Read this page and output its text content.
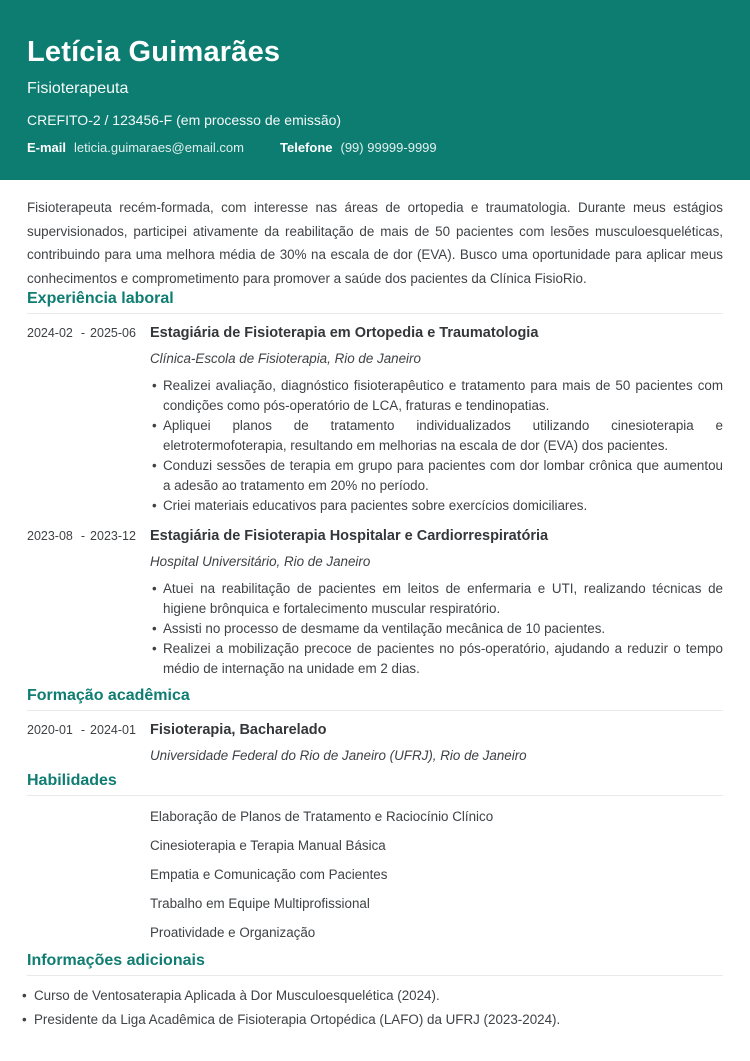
Letícia Guimarães
Fisioterapeuta
CREFITO-2 / 123456-F (em processo de emissão)
E-mail leticia.guimaraes@email.com	Telefone (99) 99999-9999

Fisioterapeuta recém-formada, com interesse nas áreas de ortopedia e traumatologia. Durante meus estágios supervisionados, participei ativamente da reabilitação de mais de 50 pacientes com lesões musculoesqueléticas, contribuindo para uma melhora média de 30% na escala de dor (EVA). Busco uma oportunidade para aplicar meus conhecimentos e comprometimento para promover a saúde dos pacientes da Clínica FisioRio.

Experiência laboral
2024-02 - 2025-06 Estagiária de Fisioterapia em Ortopedia e Traumatologia
Clínica-Escola de Fisioterapia, Rio de Janeiro
• Realizei avaliação, diagnóstico fisioterapêutico e tratamento para mais de 50 pacientes com condições como pós-operatório de LCA, fraturas e tendinopatias.
• Apliquei planos de tratamento individualizados utilizando cinesioterapia e eletrotermofoterapia, resultando em melhorias na escala de dor (EVA) dos pacientes.
• Conduzi sessões de terapia em grupo para pacientes com dor lombar crônica que aumentou a adesão ao tratamento em 20% no período.
• Criei materiais educativos para pacientes sobre exercícios domiciliares.
2023-08 - 2023-12 Estagiária de Fisioterapia Hospitalar e Cardiorrespiratória
Hospital Universitário, Rio de Janeiro
• Atuei na reabilitação de pacientes em leitos de enfermaria e UTI, realizando técnicas de higiene brônquica e fortalecimento muscular respiratório.
• Assisti no processo de desmame da ventilação mecânica de 10 pacientes.
• Realizei a mobilização precoce de pacientes no pós-operatório, ajudando a reduzir o tempo médio de internação na unidade em 2 dias.
Formação acadêmica
2020-01 - 2024-01 Fisioterapia, Bacharelado
Universidade Federal do Rio de Janeiro (UFRJ), Rio de Janeiro
Habilidades
Elaboração de Planos de Tratamento e Raciocínio Clínico
Cinesioterapia e Terapia Manual Básica
Empatia e Comunicação com Pacientes
Trabalho em Equipe Multiprofissional
Proatividade e Organização
Informações adicionais
• Curso de Ventosaterapia Aplicada à Dor Musculoesquelética (2024).
• Presidente da Liga Acadêmica de Fisioterapia Ortopédica (LAFO) da UFRJ (2023-2024).
